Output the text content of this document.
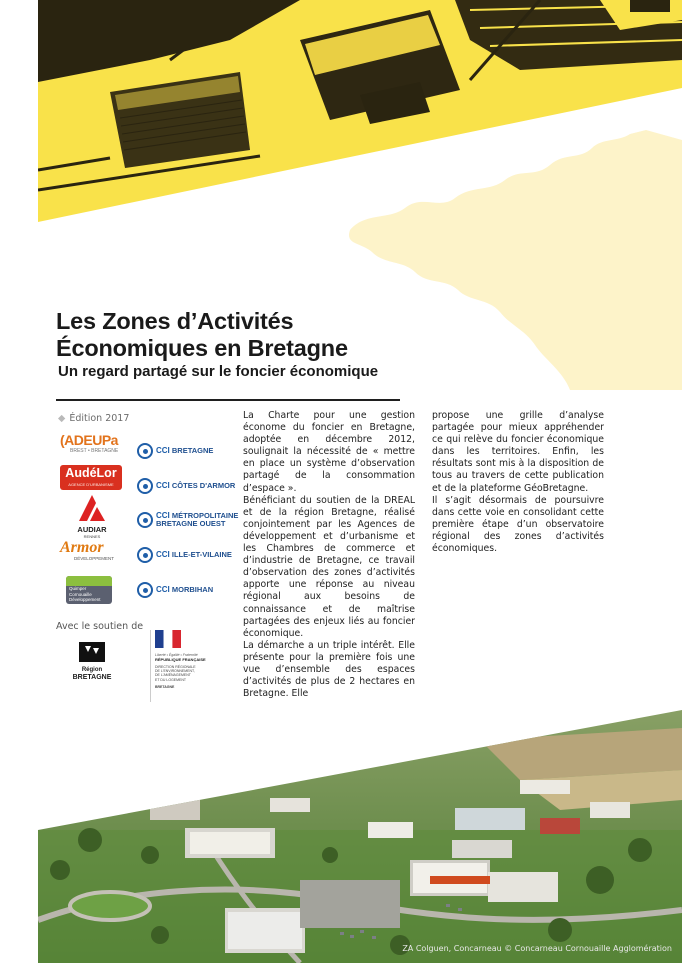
Les Zones d’Activités
Économiques en Bretagne
Un regard partagé sur le foncier économique
◆ Édition 2017
(ADEUPa
BREST • BRETAGNE
AudéLor
AGENCE D'URBANISME
AUDIAR
RENNES
Armor
DÉVELOPPEMENT
Quimper Cornouaille Développement
CCI BRETAGNE
CCI CÔTES D'ARMOR
CCI MÉTROPOLITAINE
BRETAGNE OUEST
CCI ILLE-ET-VILAINE
CCI MORBIHAN
Avec le soutien de
Région
BRETAGNE
Liberté • Égalité • Fraternité
RÉPUBLIQUE FRANÇAISE
DIRECTION RÉGIONALE
DE L'ENVIRONNEMENT,
DE L'AMÉNAGEMENT
ET DU LOGEMENT
BRETAGNE

La Charte pour une gestion économe du foncier en Bretagne, adoptée en décembre 2012, soulignait la nécessité de « mettre en place un système d’observation partagé de la consommation d’espace ».

Bénéficiant du soutien de la DREAL et de la région Bretagne, réalisé conjointement par les Agences de développement et d’urbanisme et les Chambres de commerce et d’industrie de Bretagne, ce travail d’observation des zones d’activités apporte une réponse au niveau régional aux besoins de connaissance et de maîtrise partagées des enjeux liés au foncier économique.

La démarche a un triple intérêt. Elle présente pour la première fois une vue d’ensemble des espaces d’activités de plus de 2 hectares en Bretagne. Elle

propose une grille d’analyse partagée pour mieux appréhender ce qui relève du foncier économique dans les territoires. Enfin, les résultats sont mis à la disposition de tous au travers de cette publication et de la plateforme GéoBretagne.

Il s’agit désormais de poursuivre dans cette voie en consolidant cette première étape d’un observatoire régional des zones d’activités économiques.

ZA Colguen, Concarneau © Concarneau Cornouaille Agglomération
